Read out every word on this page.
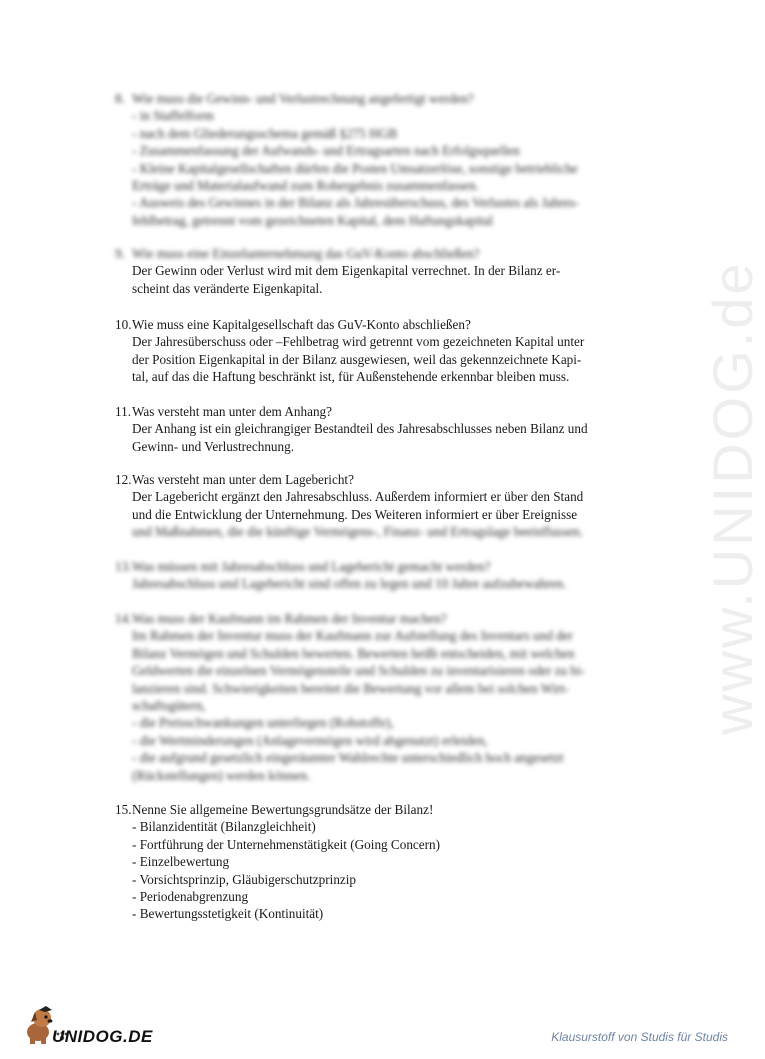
www.UNIDOG.de
8. Wie muss die Gewinn- und Verlustrechnung angefertigt werden?
- in Staffelform
- nach dem Gliederungsschema gemäß §275 HGB
- Zusammenfassung der Aufwands- und Ertragsarten nach Erfolgsquellen
- Kleine Kapitalgesellschaften dürfen die Posten Umsatzerlöse, sonstige betriebliche
Erträge und Materialaufwand zum Rohergebnis zusammenfassen.
- Ausweis des Gewinnes in der Bilanz als Jahresüberschuss, des Verlustes als Jahres-
fehlbetrag, getrennt vom gezeichneten Kapital, dem Haftungskapital
9. Wie muss eine Einzelunternehmung das GuV-Konto abschließen?
Der Gewinn oder Verlust wird mit dem Eigenkapital verrechnet. In der Bilanz er-
scheint das veränderte Eigenkapital.
10.Wie muss eine Kapitalgesellschaft das GuV-Konto abschließen?
Der Jahresüberschuss oder –Fehlbetrag wird getrennt vom gezeichneten Kapital unter
der Position Eigenkapital in der Bilanz ausgewiesen, weil das gekennzeichnete Kapi-
tal, auf das die Haftung beschränkt ist, für Außenstehende erkennbar bleiben muss.
11.Was versteht man unter dem Anhang?
Der Anhang ist ein gleichrangiger Bestandteil des Jahresabschlusses neben Bilanz und
Gewinn- und Verlustrechnung.
12.Was versteht man unter dem Lagebericht?
Der Lagebericht ergänzt den Jahresabschluss. Außerdem informiert er über den Stand
und die Entwicklung der Unternehmung. Des Weiteren informiert er über Ereignisse
und Maßnahmen, die die künftige Vermögens-, Finanz- und Ertragslage beeinflussen.
13.Was müssen mit Jahresabschluss und Lagebericht gemacht werden?
Jahresabschluss und Lagebericht sind offen zu legen und 10 Jahre aufzubewahren.
14.Was muss der Kaufmann im Rahmen der Inventur machen?
Im Rahmen der Inventur muss der Kaufmann zur Aufstellung des Inventars und der
Bilanz Vermögen und Schulden bewerten. Bewerten heißt entscheiden, mit welchen
Geldwerten die einzelnen Vermögensteile und Schulden zu inventarisieren oder zu bi-
lanzieren sind. Schwierigkeiten bereitet die Bewertung vor allem bei solchen Wirt-
schaftsgütern,
- die Preisschwankungen unterliegen (Rohstoffe),
- die Wertminderungen (Anlagevermögen wird abgenutzt) erleiden,
- die aufgrund gesetzlich eingeräumter Wahlrechte unterschiedlich hoch angesetzt
(Rückstellungen) werden können.
15.Nenne Sie allgemeine Bewertungsgrundsätze der Bilanz!
- Bilanzidentität (Bilanzgleichheit)
- Fortführung der Unternehmenstätigkeit (Going Concern)
- Einzelbewertung
- Vorsichtsprinzip, Gläubigerschutzprinzip
- Periodenabgrenzung
- Bewertungsstetigkeit (Kontinuität)
UNIDOG.DE	Klausurstoff von Studis für Studis
